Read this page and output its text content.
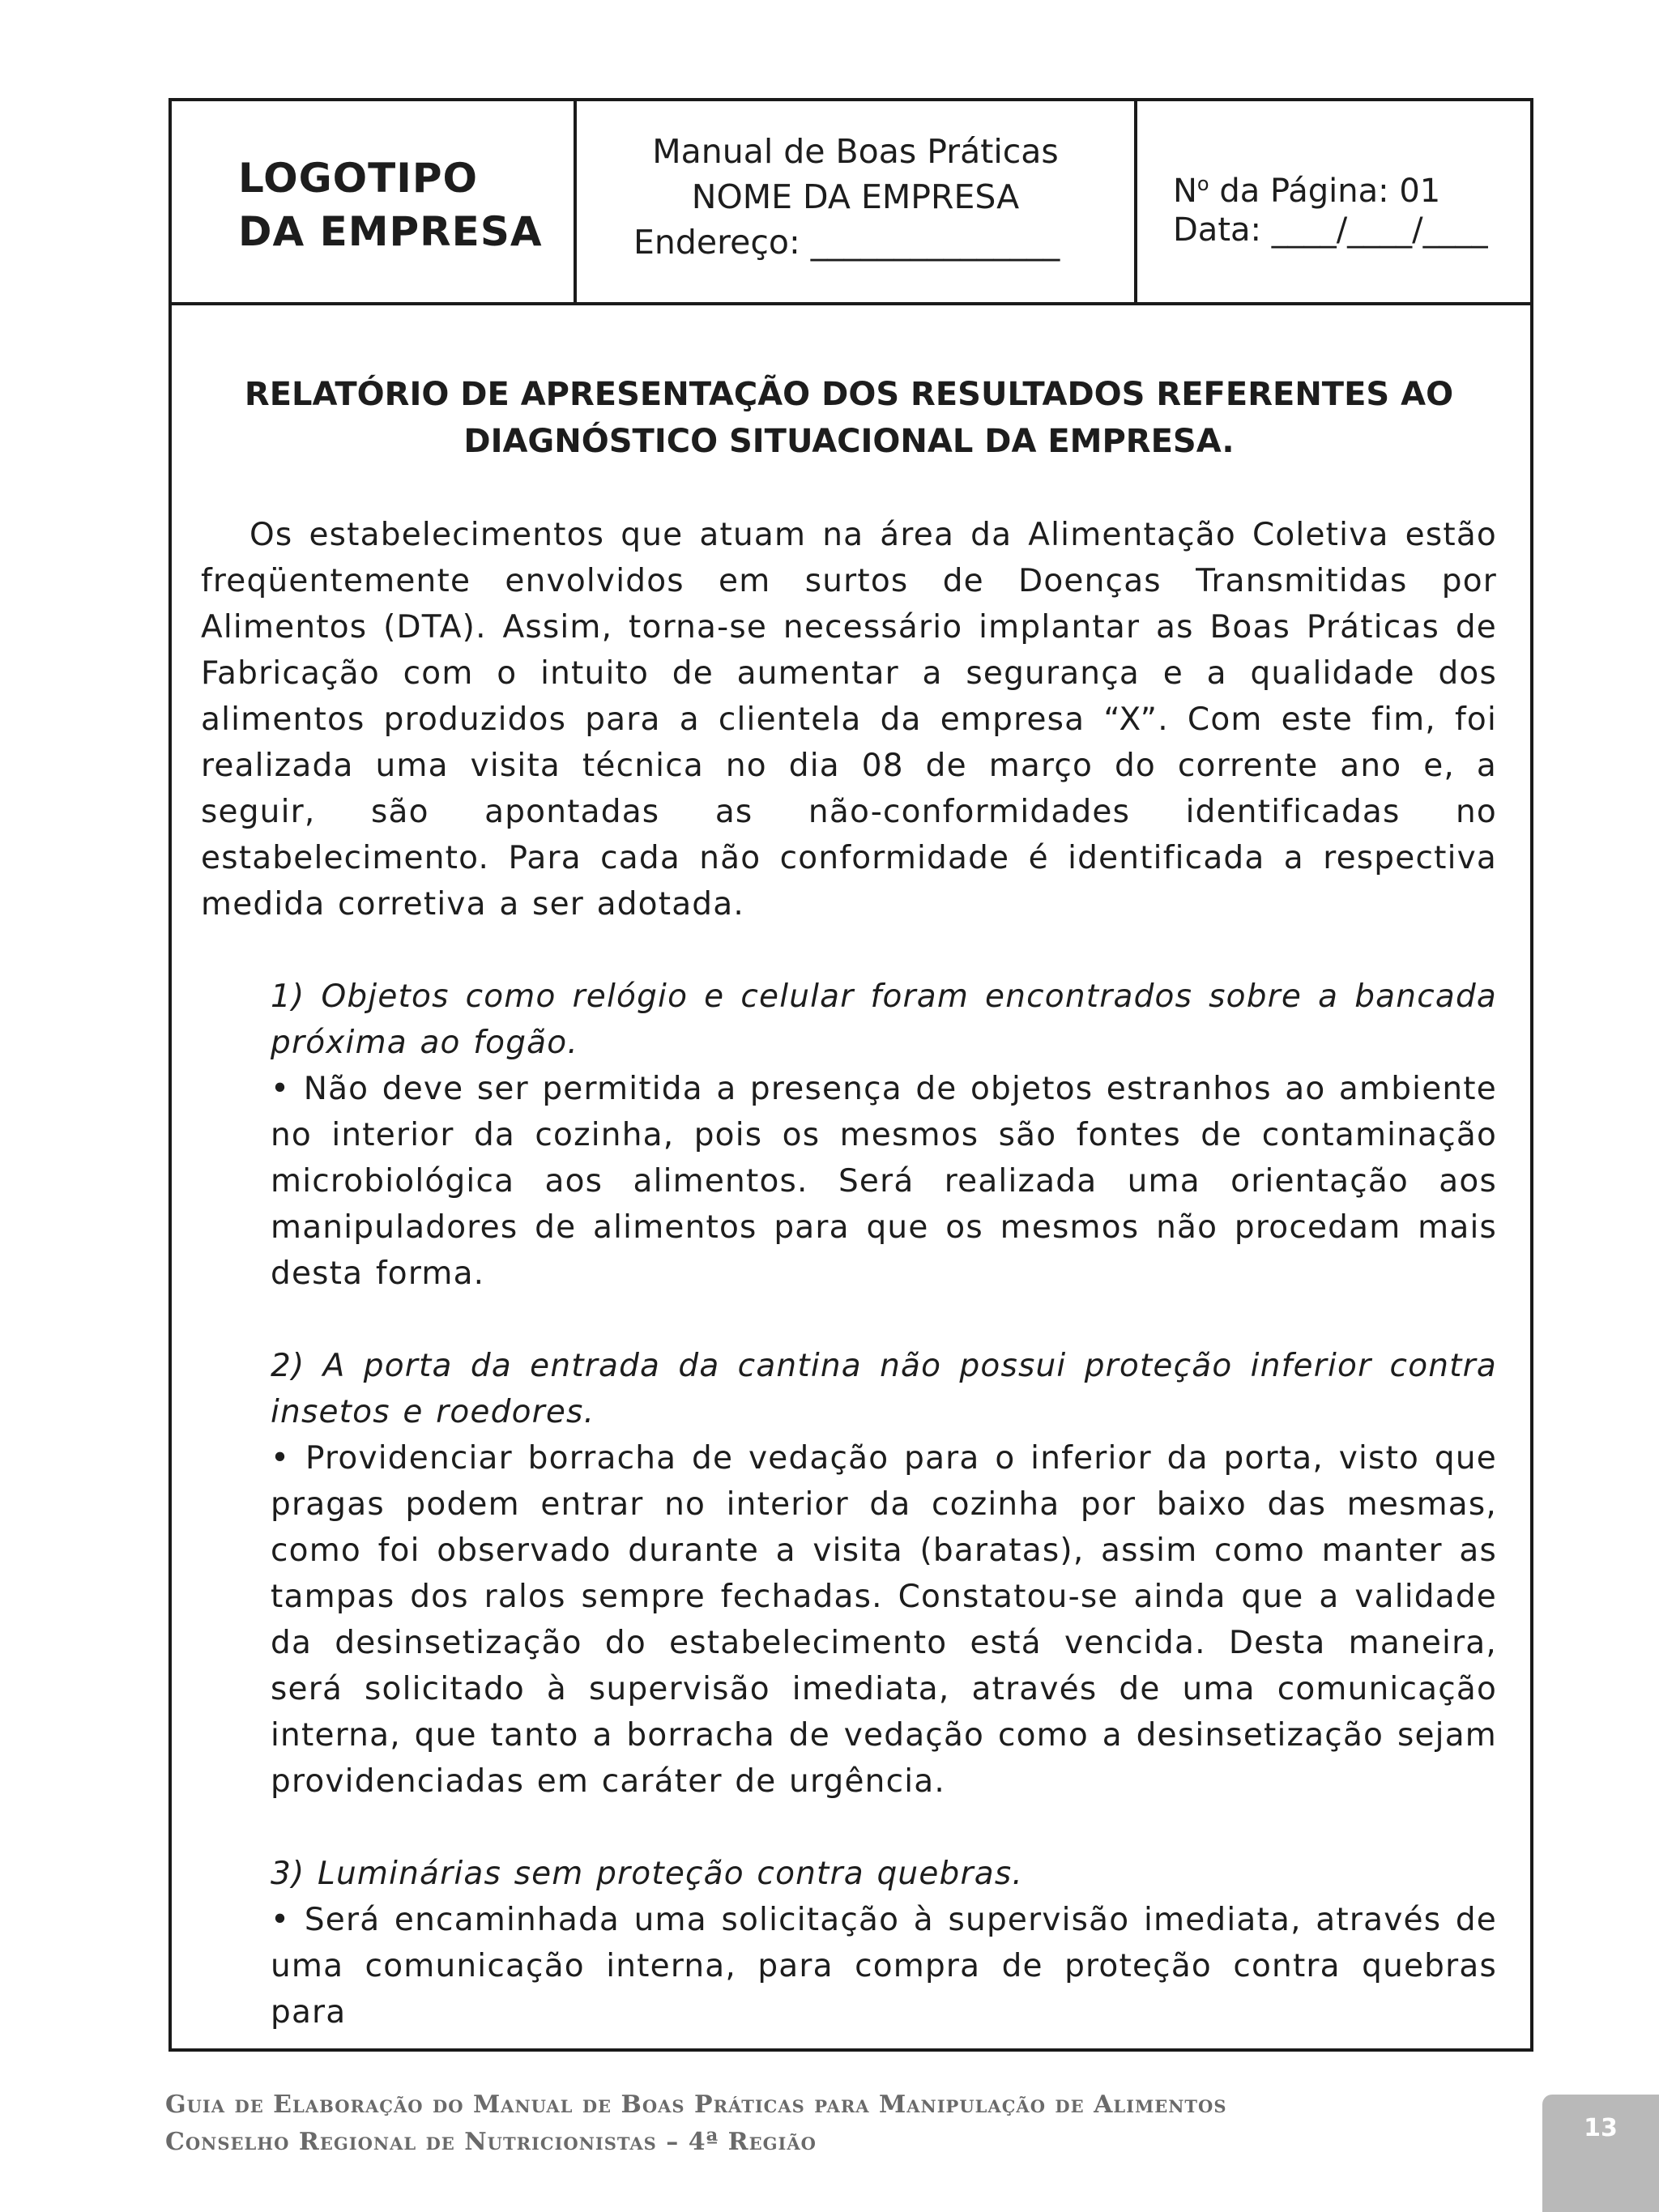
LOGOTIPO
DA EMPRESA
Manual de Boas Práticas
NOME DA EMPRESA
Endereço: _______________
$N^o$ da Página: 01
Data: ____/____/____
RELATÓRIO DE APRESENTAÇÃO DOS RESULTADOS REFERENTES AO
DIAGNÓSTICO SITUACIONAL DA EMPRESA.
Os estabelecimentos que atuam na área da Alimentação Coletiva estão freqüentemente envolvidos em surtos de Doenças Transmitidas por Alimentos (DTA). Assim, torna-se necessário implantar as Boas Práticas de Fabricação com o intuito de aumentar a segurança e a qualidade dos alimentos produzidos para a clientela da empresa “X”. Com este fim, foi realizada uma visita técnica no dia 08 de março do corrente ano e, a seguir, são apontadas as não-conformidades identificadas no estabelecimento. Para cada não conformidade é identificada a respectiva medida corretiva a ser adotada.
1) Objetos como relógio e celular foram encontrados sobre a bancada próxima ao fogão.
• Não deve ser permitida a presença de objetos estranhos ao ambiente no interior da cozinha, pois os mesmos são fontes de contaminação microbiológica aos alimentos. Será realizada uma orientação aos manipuladores de alimentos para que os mesmos não procedam mais desta forma.
2) A porta da entrada da cantina não possui proteção inferior contra insetos e roedores.
• Providenciar borracha de vedação para o inferior da porta, visto que pragas podem entrar no interior da cozinha por baixo das mesmas, como foi observado durante a visita (baratas), assim como manter as tampas dos ralos sempre fechadas. Constatou-se ainda que a validade da desinsetização do estabelecimento está vencida. Desta maneira, será solicitado à supervisão imediata, através de uma comunicação interna, que tanto a borracha de vedação como a desinsetização sejam providenciadas em caráter de urgência.
3) Luminárias sem proteção contra quebras.
• Será encaminhada uma solicitação à supervisão imediata, através de uma comunicação interna, para compra de proteção contra quebras para
Guia de Elaboração do Manual de Boas Práticas para Manipulação de Alimentos
Conselho Regional de Nutricionistas – 4ª Região	13
